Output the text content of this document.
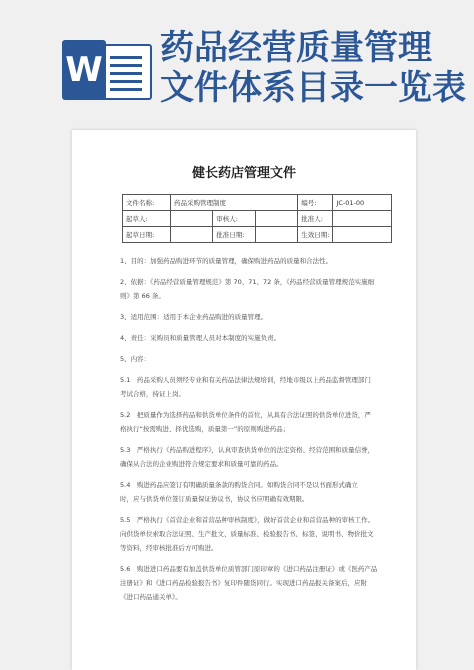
W
药品经营质量管理
文件体系目录一览表
健长药店管理文件
文件名称:	药品采购管理制度			编号:	JC-01-00
起草人:		审核人:		批准人:	
起草日期:		批准日期:		生效日期:	

1、目的：加强药品购进环节的质量管理，确保购进药品的质量和合法性。

2、依据：《药品经营质量管理规范》第 70、71、72 条，《药品经营质量管理规范实施细

则》第 66 条。

3、适用范围：适用于本企业药品购进的质量管理。

4、责任：采购员和质量管理人员对本制度的实施负责。

5、内容：

5.1　药品采购人员须经专业和有关药品法律法规培训，经地市级以上药品监督管理部门

考试合格，持证上岗。

5.2　把质量作为选择药品和供货单位条件的首位，从具有合法证照的供货单位进货，严

格执行“按需购进、择优选购，质量第一”的原则购进药品；

5.3　严格执行《药品购进程序》，认真审查供货单位的法定资格、经营范围和质量信誉，

确保从合法的企业购进符合规定要求和质量可靠的药品。

5.4　购进药品应签订有明确质量条款的购货合同。如购货合同不是以书面形式确立

时，应与供货单位签订质量保证协议书，协议书应明确有效期限。

5.5　严格执行《首营企业和首营品种审核制度》，做好首营企业和首营品种的审核工作。

向供货单位索取合法证照、生产批文、质量标准、检验报告书、标签、说明书、物价批文

等资料，经审核批准后方可购进。

5.6　购进进口药品要有加盖供货单位质管部门原印章的《进口药品注册证》或《医药产品

注册证》和《进口药品检验报告书》复印件随货同行。实现进口药品报关备案后，应附

《进口药品通关单》。
